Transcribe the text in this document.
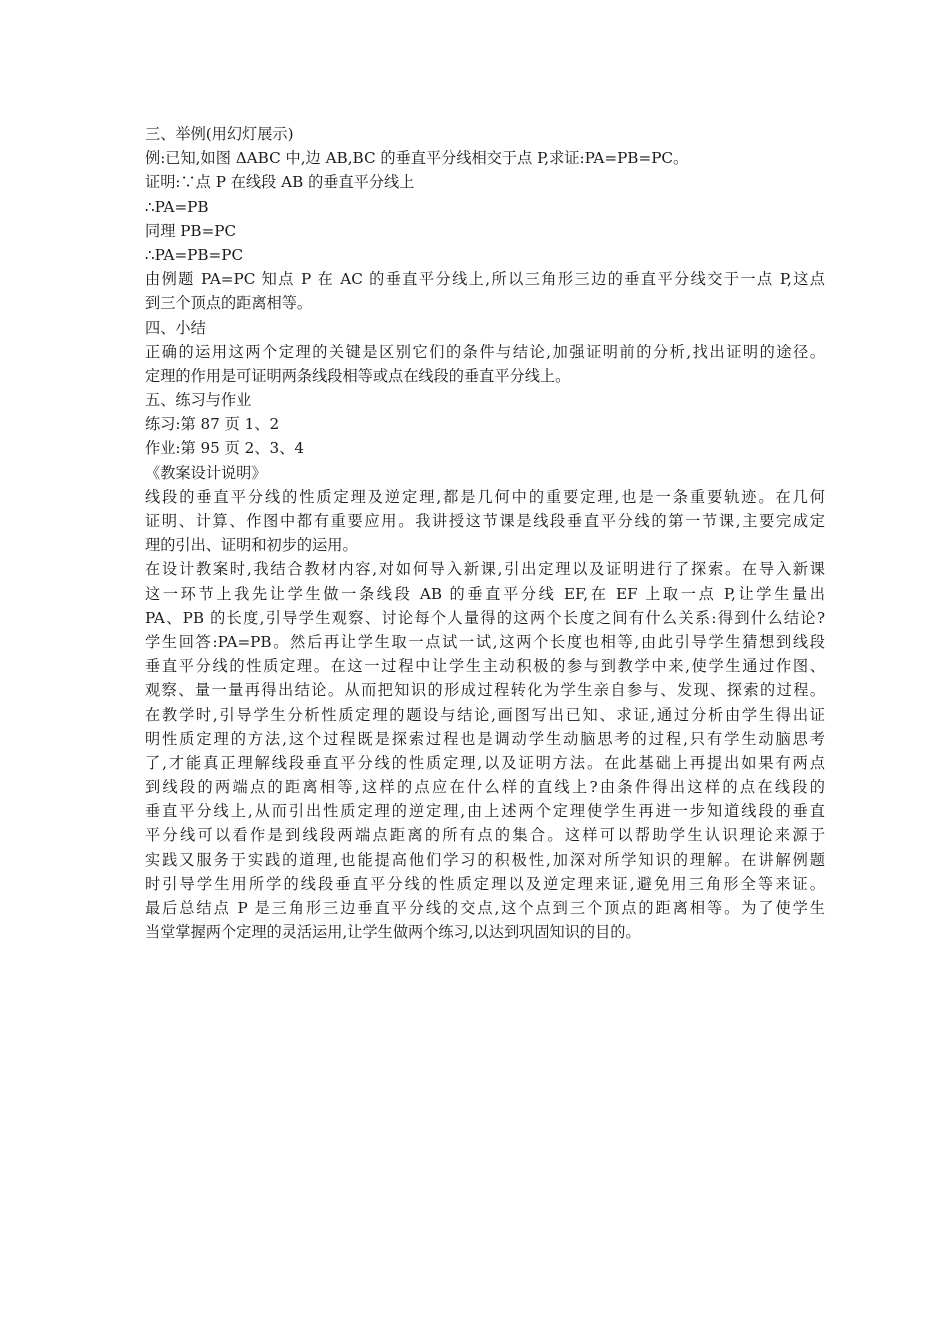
三、举例(用幻灯展示)
例:已知,如图 ΔABC 中,边 AB,BC 的垂直平分线相交于点 P,求证:PA=PB=PC。
证明:∵点 P 在线段 AB 的垂直平分线上
∴PA=PB
同理 PB=PC
∴PA=PB=PC
由例题 PA=PC 知点 P 在 AC 的垂直平分线上,所以三角形三边的垂直平分线交于一点 P,这点
到三个顶点的距离相等。
四、小结
正确的运用这两个定理的关键是区别它们的条件与结论,加强证明前的分析,找出证明的途径。
定理的作用是可证明两条线段相等或点在线段的垂直平分线上。
五、练习与作业
练习:第 87 页 1、2
作业:第 95 页 2、3、4
《教案设计说明》
线段的垂直平分线的性质定理及逆定理,都是几何中的重要定理,也是一条重要轨迹。在几何
证明、计算、作图中都有重要应用。我讲授这节课是线段垂直平分线的第一节课,主要完成定
理的引出、证明和初步的运用。
在设计教案时,我结合教材内容,对如何导入新课,引出定理以及证明进行了探索。在导入新课
这一环节上我先让学生做一条线段 AB 的垂直平分线 EF,在 EF 上取一点 P,让学生量出
PA、PB 的长度,引导学生观察、讨论每个人量得的这两个长度之间有什么关系:得到什么结论?
学生回答:PA=PB。然后再让学生取一点试一试,这两个长度也相等,由此引导学生猜想到线段
垂直平分线的性质定理。在这一过程中让学生主动积极的参与到教学中来,使学生通过作图、
观察、量一量再得出结论。从而把知识的形成过程转化为学生亲自参与、发现、探索的过程。
在教学时,引导学生分析性质定理的题设与结论,画图写出已知、求证,通过分析由学生得出证
明性质定理的方法,这个过程既是探索过程也是调动学生动脑思考的过程,只有学生动脑思考
了,才能真正理解线段垂直平分线的性质定理,以及证明方法。在此基础上再提出如果有两点
到线段的两端点的距离相等,这样的点应在什么样的直线上?由条件得出这样的点在线段的
垂直平分线上,从而引出性质定理的逆定理,由上述两个定理使学生再进一步知道线段的垂直
平分线可以看作是到线段两端点距离的所有点的集合。这样可以帮助学生认识理论来源于
实践又服务于实践的道理,也能提高他们学习的积极性,加深对所学知识的理解。在讲解例题
时引导学生用所学的线段垂直平分线的性质定理以及逆定理来证,避免用三角形全等来证。
最后总结点 P 是三角形三边垂直平分线的交点,这个点到三个顶点的距离相等。为了使学生
当堂掌握两个定理的灵活运用,让学生做两个练习,以达到巩固知识的目的。
